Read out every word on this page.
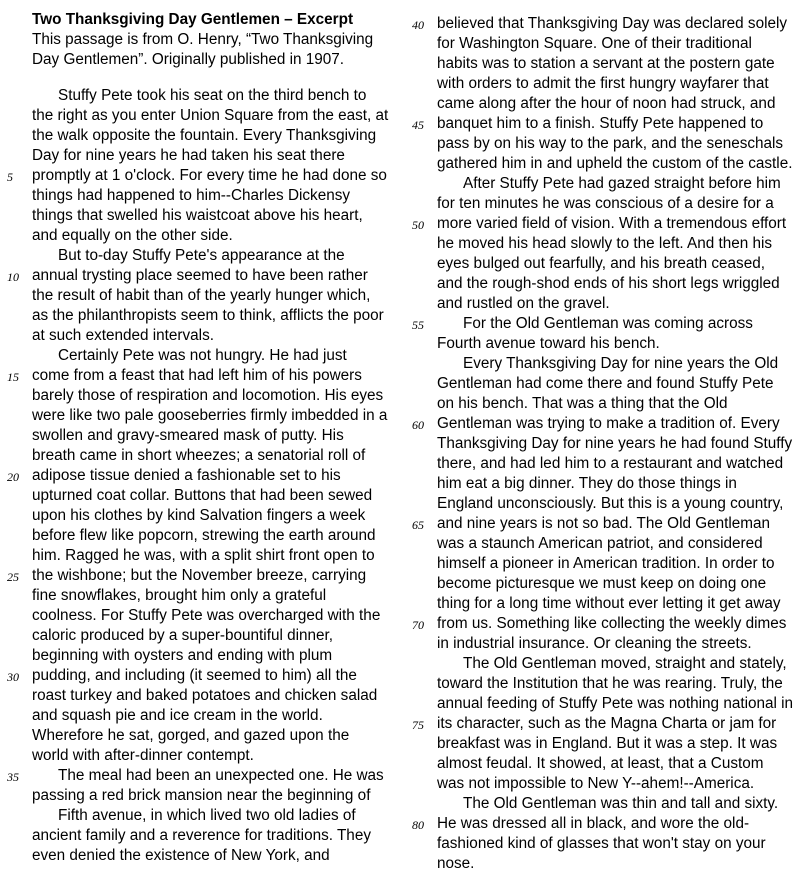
Two Thanksgiving Day Gentlemen – Excerpt
This passage is from O. Henry, “Two Thanksgiving
Day Gentlemen”. Originally published in 1907.
Stuffy Pete took his seat on the third bench to
the right as you enter Union Square from the east, at
the walk opposite the fountain. Every Thanksgiving
Day for nine years he had taken his seat there
5	promptly at 1 o'clock. For every time he had done so
things had happened to him--Charles Dickensy
things that swelled his waistcoat above his heart,
and equally on the other side.
But to-day Stuffy Pete's appearance at the
10 annual trysting place seemed to have been rather
the result of habit than of the yearly hunger which,
as the philanthropists seem to think, afflicts the poor
at such extended intervals.
Certainly Pete was not hungry. He had just
15 come from a feast that had left him of his powers
barely those of respiration and locomotion. His eyes
were like two pale gooseberries firmly imbedded in a
swollen and gravy-smeared mask of putty. His
breath came in short wheezes; a senatorial roll of
20 adipose tissue denied a fashionable set to his
upturned coat collar. Buttons that had been sewed
upon his clothes by kind Salvation fingers a week
before flew like popcorn, strewing the earth around
him. Ragged he was, with a split shirt front open to
25 the wishbone; but the November breeze, carrying
fine snowflakes, brought him only a grateful
coolness. For Stuffy Pete was overcharged with the
caloric produced by a super-bountiful dinner,
beginning with oysters and ending with plum
30 pudding, and including (it seemed to him) all the
roast turkey and baked potatoes and chicken salad
and squash pie and ice cream in the world.
Wherefore he sat, gorged, and gazed upon the
world with after-dinner contempt.
35	The meal had been an unexpected one. He was
passing a red brick mansion near the beginning of
Fifth avenue, in which lived two old ladies of
ancient family and a reverence for traditions. They
even denied the existence of New York, and
40 believed that Thanksgiving Day was declared solely
for Washington Square. One of their traditional
habits was to station a servant at the postern gate
with orders to admit the first hungry wayfarer that
came along after the hour of noon had struck, and
45 banquet him to a finish. Stuffy Pete happened to
pass by on his way to the park, and the seneschals
gathered him in and upheld the custom of the castle.
After Stuffy Pete had gazed straight before him
for ten minutes he was conscious of a desire for a
50 more varied field of vision. With a tremendous effort
he moved his head slowly to the left. And then his
eyes bulged out fearfully, and his breath ceased,
and the rough-shod ends of his short legs wriggled
and rustled on the gravel.
55	For the Old Gentleman was coming across
Fourth avenue toward his bench.
Every Thanksgiving Day for nine years the Old
Gentleman had come there and found Stuffy Pete
on his bench. That was a thing that the Old
60 Gentleman was trying to make a tradition of. Every
Thanksgiving Day for nine years he had found Stuffy
there, and had led him to a restaurant and watched
him eat a big dinner. They do those things in
England unconsciously. But this is a young country,
65 and nine years is not so bad. The Old Gentleman
was a staunch American patriot, and considered
himself a pioneer in American tradition. In order to
become picturesque we must keep on doing one
thing for a long time without ever letting it get away
70 from us. Something like collecting the weekly dimes
in industrial insurance. Or cleaning the streets.
The Old Gentleman moved, straight and stately,
toward the Institution that he was rearing. Truly, the
annual feeding of Stuffy Pete was nothing national in
75 its character, such as the Magna Charta or jam for
breakfast was in England. But it was a step. It was
almost feudal. It showed, at least, that a Custom
was not impossible to New Y--ahem!--America.
The Old Gentleman was thin and tall and sixty.
80 He was dressed all in black, and wore the old-
fashioned kind of glasses that won't stay on your
nose.
